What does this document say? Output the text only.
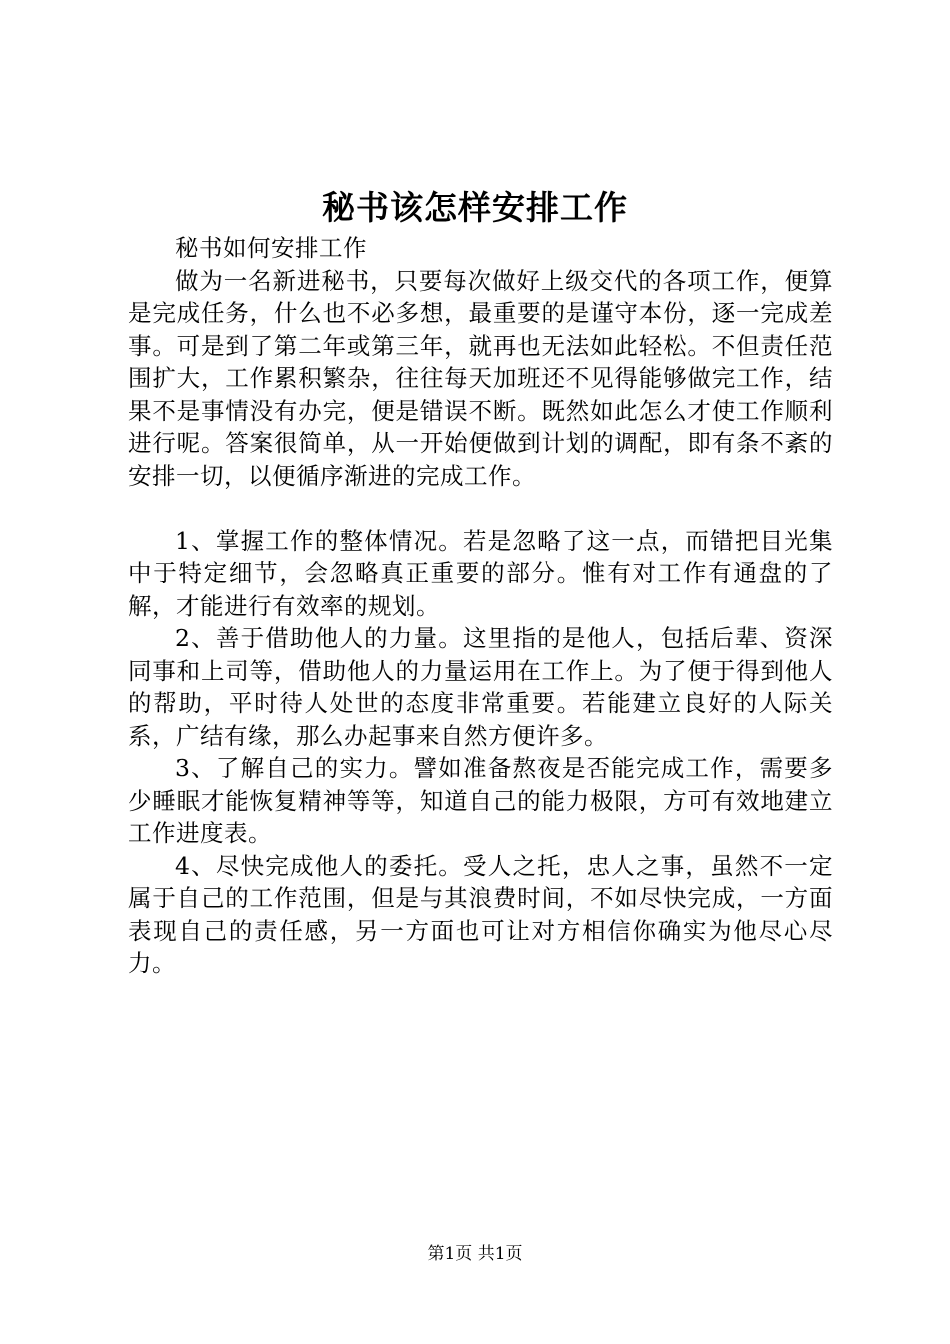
秘书该怎样安排工作

秘书如何安排工作

做为一名新进秘书，只要每次做好上级交代的各项工作，便算是完成任务，什么也不必多想，最重要的是谨守本份，逐一完成差事。可是到了第二年或第三年，就再也无法如此轻松。不但责任范围扩大，工作累积繁杂，往往每天加班还不见得能够做完工作，结果不是事情没有办完，便是错误不断。既然如此怎么才使工作顺利进行呢。答案很简单，从一开始便做到计划的调配，即有条不紊的安排一切，以便循序渐进的完成工作。

1、掌握工作的整体情况。若是忽略了这一点，而错把目光集中于特定细节，会忽略真正重要的部分。惟有对工作有通盘的了解，才能进行有效率的规划。

2、善于借助他人的力量。这里指的是他人，包括后辈、资深同事和上司等，借助他人的力量运用在工作上。为了便于得到他人的帮助，平时待人处世的态度非常重要。若能建立良好的人际关系，广结有缘，那么办起事来自然方便许多。

3、了解自己的实力。譬如准备熬夜是否能完成工作，需要多少睡眠才能恢复精神等等，知道自己的能力极限，方可有效地建立工作进度表。

4、尽快完成他人的委托。受人之托，忠人之事，虽然不一定属于自己的工作范围，但是与其浪费时间，不如尽快完成，一方面表现自己的责任感，另一方面也可让对方相信你确实为他尽心尽力。

第1页 共1页
